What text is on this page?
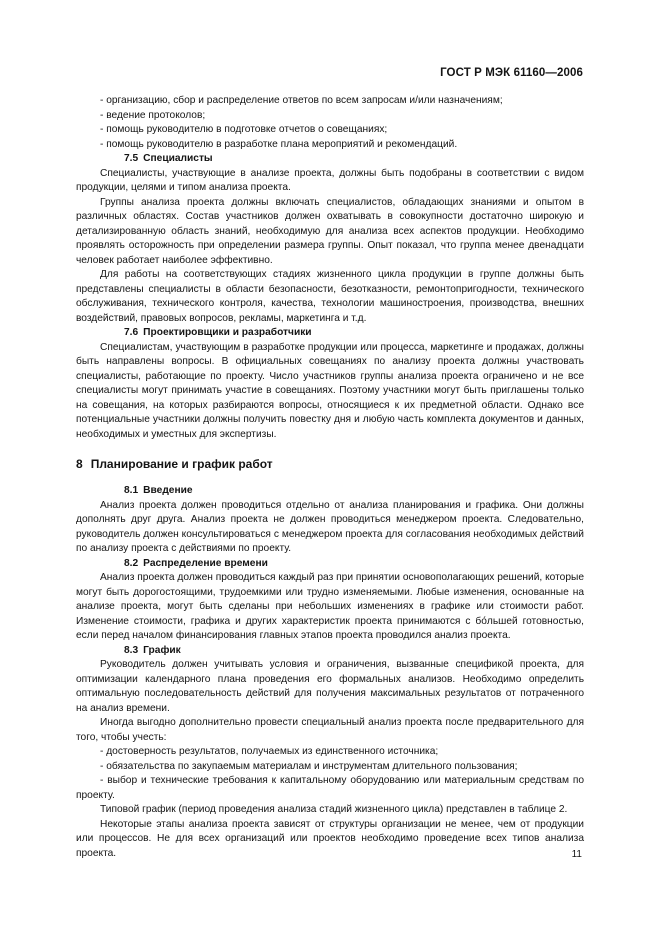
ГОСТ Р МЭК 61160—2006

- организацию, сбор и распределение ответов по всем запросам и/или назначениям;

- ведение протоколов;

- помощь руководителю в подготовке отчетов о совещаниях;

- помощь руководителю в разработке плана мероприятий и рекомендаций.

7.5 Специалисты

Специалисты, участвующие в анализе проекта, должны быть подобраны в соответствии с видом продукции, целями и типом анализа проекта.

Группы анализа проекта должны включать специалистов, обладающих знаниями и опытом в различных областях. Состав участников должен охватывать в совокупности достаточно широкую и детализированную область знаний, необходимую для анализа всех аспектов продукции. Необходимо проявлять осторожность при определении размера группы. Опыт показал, что группа менее двенадцати человек работает наиболее эффективно.

Для работы на соответствующих стадиях жизненного цикла продукции в группе должны быть представлены специалисты в области безопасности, безотказности, ремонтопригодности, технического обслуживания, технического контроля, качества, технологии машиностроения, производства, внешних воздействий, правовых вопросов, рекламы, маркетинга и т.д.

7.6 Проектировщики и разработчики

Специалистам, участвующим в разработке продукции или процесса, маркетинге и продажах, должны быть направлены вопросы. В официальных совещаниях по анализу проекта должны участвовать специалисты, работающие по проекту. Число участников группы анализа проекта ограничено и не все специалисты могут принимать участие в совещаниях. Поэтому участники могут быть приглашены только на совещания, на которых разбираются вопросы, относящиеся к их предметной области. Однако все потенциальные участники должны получить повестку дня и любую часть комплекта документов и данных, необходимых и уместных для экспертизы.

8 Планирование и график работ

8.1 Введение

Анализ проекта должен проводиться отдельно от анализа планирования и графика. Они должны дополнять друг друга. Анализ проекта не должен проводиться менеджером проекта. Следовательно, руководитель должен консультироваться с менеджером проекта для согласования необходимых действий по анализу проекта с действиями по проекту.

8.2 Распределение времени

Анализ проекта должен проводиться каждый раз при принятии основополагающих решений, которые могут быть дорогостоящими, трудоемкими или трудно изменяемыми. Любые изменения, основанные на анализе проекта, могут быть сделаны при небольших изменениях в графике или стоимости работ. Изменение стоимости, графика и других характеристик проекта принимаются с бо́льшей готовностью, если перед началом финансирования главных этапов проекта проводился анализ проекта.

8.3 График

Руководитель должен учитывать условия и ограничения, вызванные спецификой проекта, для оптимизации календарного плана проведения его формальных анализов. Необходимо определить оптимальную последовательность действий для получения максимальных результатов от потраченного на анализ времени.

Иногда выгодно дополнительно провести специальный анализ проекта после предварительного для того, чтобы учесть:

- достоверность результатов, получаемых из единственного источника;

- обязательства по закупаемым материалам и инструментам длительного пользования;

- выбор и технические требования к капитальному оборудованию или материальным средствам по проекту.

Типовой график (период проведения анализа стадий жизненного цикла) представлен в таблице 2.

Некоторые этапы анализа проекта зависят от структуры организации не менее, чем от продукции или процессов. Не для всех организаций или проектов необходимо проведение всех типов анализа проекта.	11
